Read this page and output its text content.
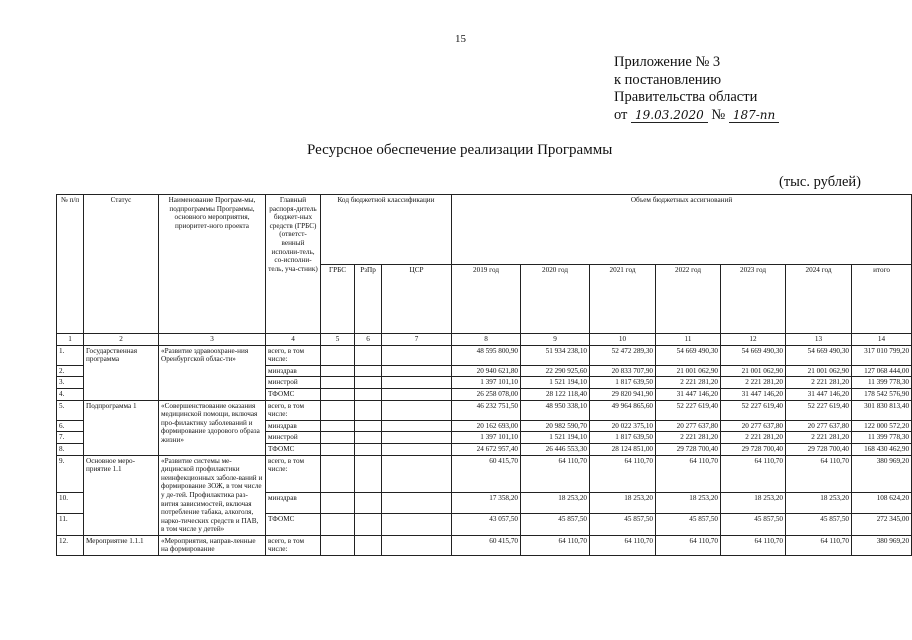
15
Приложение № 3
к постановлению
Правительства области
от 19.03.2020 № 187-пп
Ресурсное обеспечение реализации Программы
(тыс. рублей)
№ п/п	Статус	Наименование Програм-мы, подпрограммы Программы, основного мероприятия, приоритет-ного проекта	Главный распоря-дитель бюджет-ных средств (ГРБС) (ответст-венный исполни-тель, со-исполни-тель, уча-стник)	Код бюджетной классификации			Объем бюджетных ассигнований						
				ГРБС	РзПр	ЦСР	2019 год	2020 год	2021 год	2022 год	2023 год	2024 год	итого
1	2	3	4	5	6	7	8	9	10	11	12	13	14
1.	Государственная программа	«Развитие здравоохране-ния Оренбургской облас-ти»	всего, в том числе:				48 595 800,90	51 934 238,10	52 472 289,30	54 669 490,30	54 669 490,30	54 669 490,30	317 010 799,20
2.			минздрав				20 940 621,80	22 290 925,60	20 833 707,90	21 001 062,90	21 001 062,90	21 001 062,90	127 068 444,00
3.			минстрой				1 397 101,10	1 521 194,10	1 817 639,50	2 221 281,20	2 221 281,20	2 221 281,20	11 399 778,30
4.			ТФОМС				26 258 078,00	28 122 118,40	29 820 941,90	31 447 146,20	31 447 146,20	31 447 146,20	178 542 576,90
5.	Подпрограмма 1	«Совершенствование оказания медицинской помощи, включая про-филактику заболеваний и формирование здорового образа жизни»	всего, в том числе:				46 232 751,50	48 950 338,10	49 964 865,60	52 227 619,40	52 227 619,40	52 227 619,40	301 830 813,40
6.			минздрав				20 162 693,00	20 982 590,70	20 022 375,10	20 277 637,80	20 277 637,80	20 277 637,80	122 000 572,20
7.			минстрой				1 397 101,10	1 521 194,10	1 817 639,50	2 221 281,20	2 221 281,20	2 221 281,20	11 399 778,30
8.			ТФОМС				24 672 957,40	26 446 553,30	28 124 851,00	29 728 700,40	29 728 700,40	29 728 700,40	168 430 462,90
9.	Основное меро-приятие 1.1	«Развитие системы ме-дицинской профилактики неинфекционных заболе-ваний и формирование ЗОЖ, в том числе у де-тей. Профилактика раз-вития зависимостей, включая потребление табака, алкоголя, нарко-тических средств и ПАВ, в том числе у детей»	всего, в том числе:				60 415,70	64 110,70	64 110,70	64 110,70	64 110,70	64 110,70	380 969,20
10.			минздрав				17 358,20	18 253,20	18 253,20	18 253,20	18 253,20	18 253,20	108 624,20
11.			ТФОМС				43 057,50	45 857,50	45 857,50	45 857,50	45 857,50	45 857,50	272 345,00
12.	Мероприятие 1.1.1	«Мероприятия, направ-ленные на формирование	всего, в том числе:				60 415,70	64 110,70	64 110,70	64 110,70	64 110,70	64 110,70	380 969,20
